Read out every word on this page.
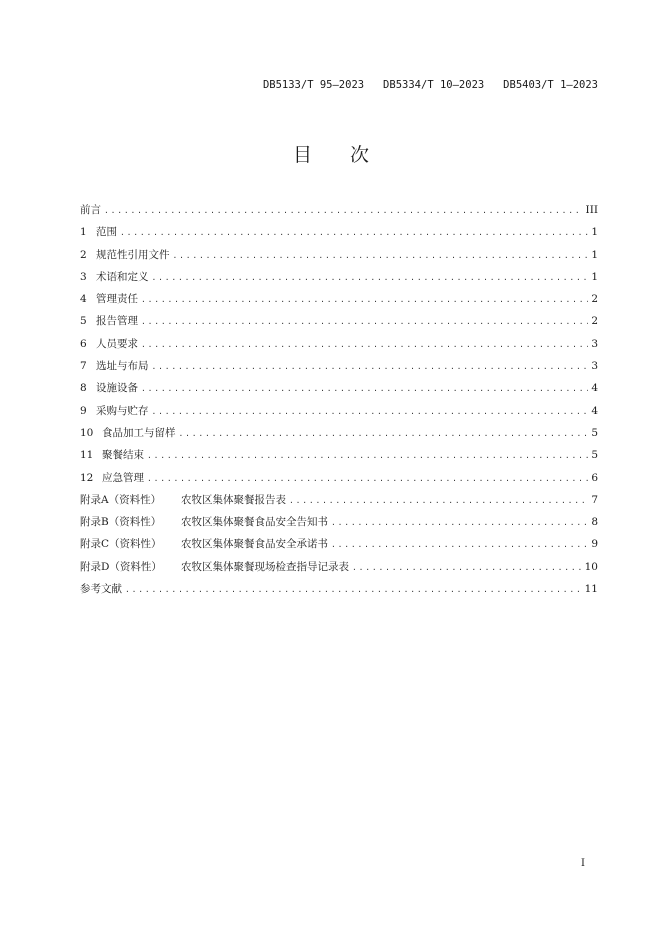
DB5133/T 95—2023   DB5334/T 10—2023   DB5403/T 1—2023
目 次
前言 . . .	III
1 范围 . . .	1
2 规范性引用文件 . . .	1
3 术语和定义 . . .	1
4 管理责任 . . .	2
5 报告管理 . . .	2
6 人员要求 . . .	3
7 选址与布局 . . .	3
8 设施设备 . . .	4
9 采购与贮存 . . .	4
10 食品加工与留样 . . .	5
11 聚餐结束 . . .	5
12 应急管理 . . .	6
附录A（资料性）	农牧区集体聚餐报告表 . . .	7
附录B（资料性）	农牧区集体聚餐食品安全告知书 . . .	8
附录C（资料性）	农牧区集体聚餐食品安全承诺书 . . .	9
附录D（资料性）	农牧区集体聚餐现场检查指导记录表 . . .	10
参考文献 . . .	11
I
